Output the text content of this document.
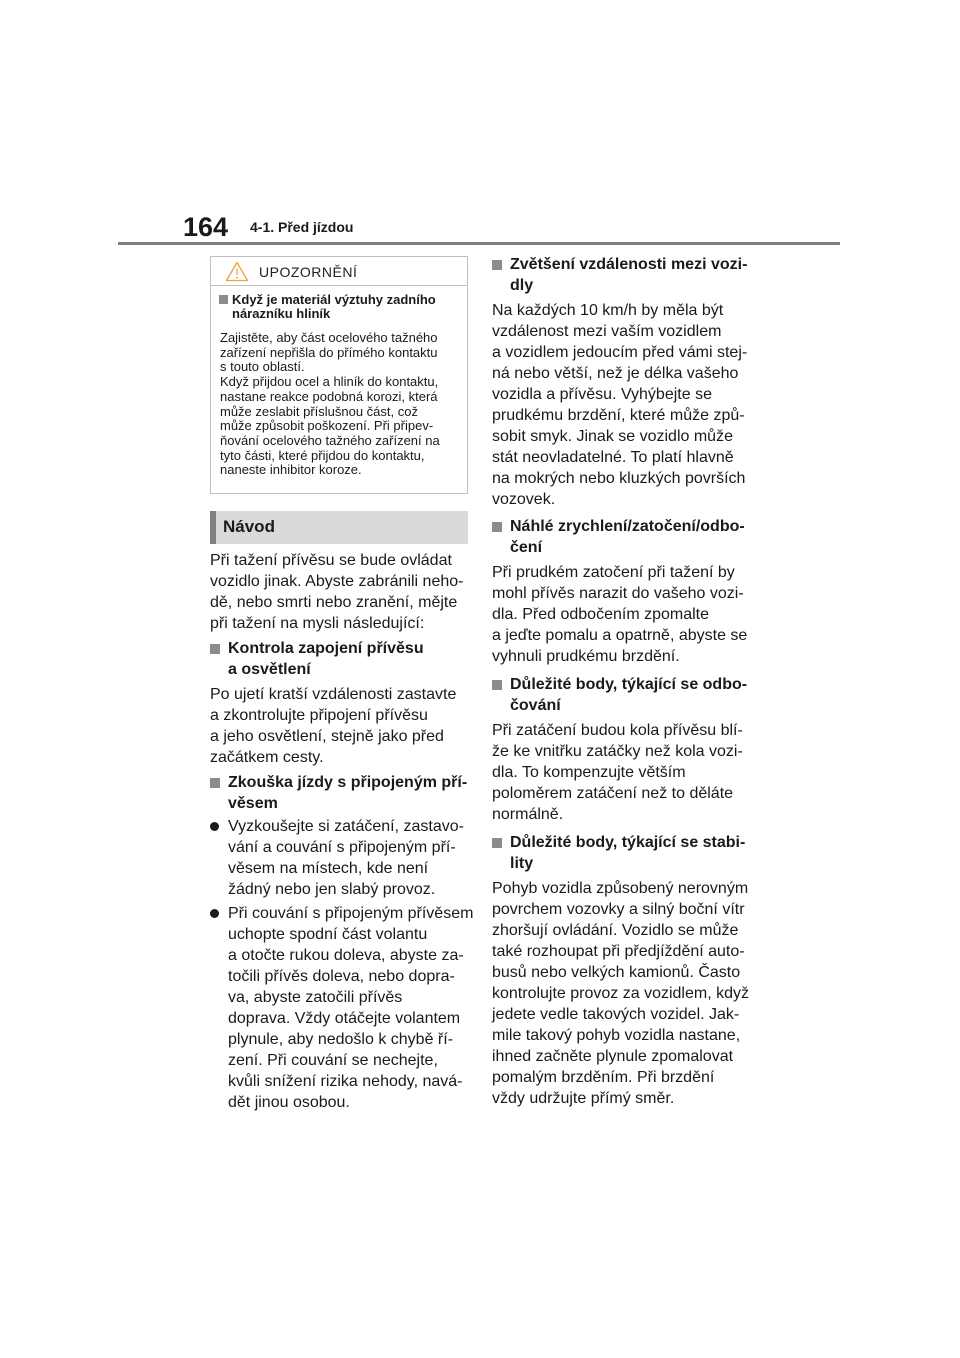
164 4-1. Před jízdou
UPOZORNĚNÍ
Když je materiál výztuhy zadního
nárazníku hliník
Zajistěte, aby část ocelového tažného
zařízení nepřišla do přímého kontaktu
s touto oblastí.
Když přijdou ocel a hliník do kontaktu,
nastane reakce podobná korozi, která
může zeslabit příslušnou část, což
může způsobit poškození. Při připev-
ňování ocelového tažného zařízení na
tyto části, které přijdou do kontaktu,
naneste inhibitor koroze.
Návod
Při tažení přívěsu se bude ovládat
vozidlo jinak. Abyste zabránili neho-
dě, nebo smrti nebo zranění, mějte
při tažení na mysli následující:
Kontrola zapojení přívěsu
a osvětlení
Po ujetí kratší vzdálenosti zastavte
a zkontrolujte připojení přívěsu
a jeho osvětlení, stejně jako před
začátkem cesty.
Zkouška jízdy s připojeným pří-
věsem
Vyzkoušejte si zatáčení, zastavo-
vání a couvání s připojeným pří-
věsem na místech, kde není
žádný nebo jen slabý provoz.
Při couvání s připojeným přívěsem
uchopte spodní část volantu
a otočte rukou doleva, abyste za-
točili přívěs doleva, nebo dopra-
va, abyste zatočili přívěs
doprava. Vždy otáčejte volantem
plynule, aby nedošlo k chybě ří-
zení. Při couvání se nechejte,
kvůli snížení rizika nehody, navá-
dět jinou osobou.
Zvětšení vzdálenosti mezi vozi-
dly
Na každých 10 km/h by měla být
vzdálenost mezi vaším vozidlem
a vozidlem jedoucím před vámi stej-
ná nebo větší, než je délka vašeho
vozidla a přívěsu. Vyhýbejte se
prudkému brzdění, které může způ-
sobit smyk. Jinak se vozidlo může
stát neovladatelné. To platí hlavně
na mokrých nebo kluzkých površích
vozovek.
Náhlé zrychlení/zatočení/odbo-
čení
Při prudkém zatočení při tažení by
mohl přívěs narazit do vašeho vozi-
dla. Před odbočením zpomalte
a jeďte pomalu a opatrně, abyste se
vyhnuli prudkému brzdění.
Důležité body, týkající se odbo-
čování
Při zatáčení budou kola přívěsu blí-
že ke vnitřku zatáčky než kola vozi-
dla. To kompenzujte větším
poloměrem zatáčení než to děláte
normálně.
Důležité body, týkající se stabi-
lity
Pohyb vozidla způsobený nerovným
povrchem vozovky a silný boční vítr
zhoršují ovládání. Vozidlo se může
také rozhoupat při předjíždění auto-
busů nebo velkých kamionů. Často
kontrolujte provoz za vozidlem, když
jedete vedle takových vozidel. Jak-
mile takový pohyb vozidla nastane,
ihned začněte plynule zpomalovat
pomalým brzděním. Při brzdění
vždy udržujte přímý směr.
